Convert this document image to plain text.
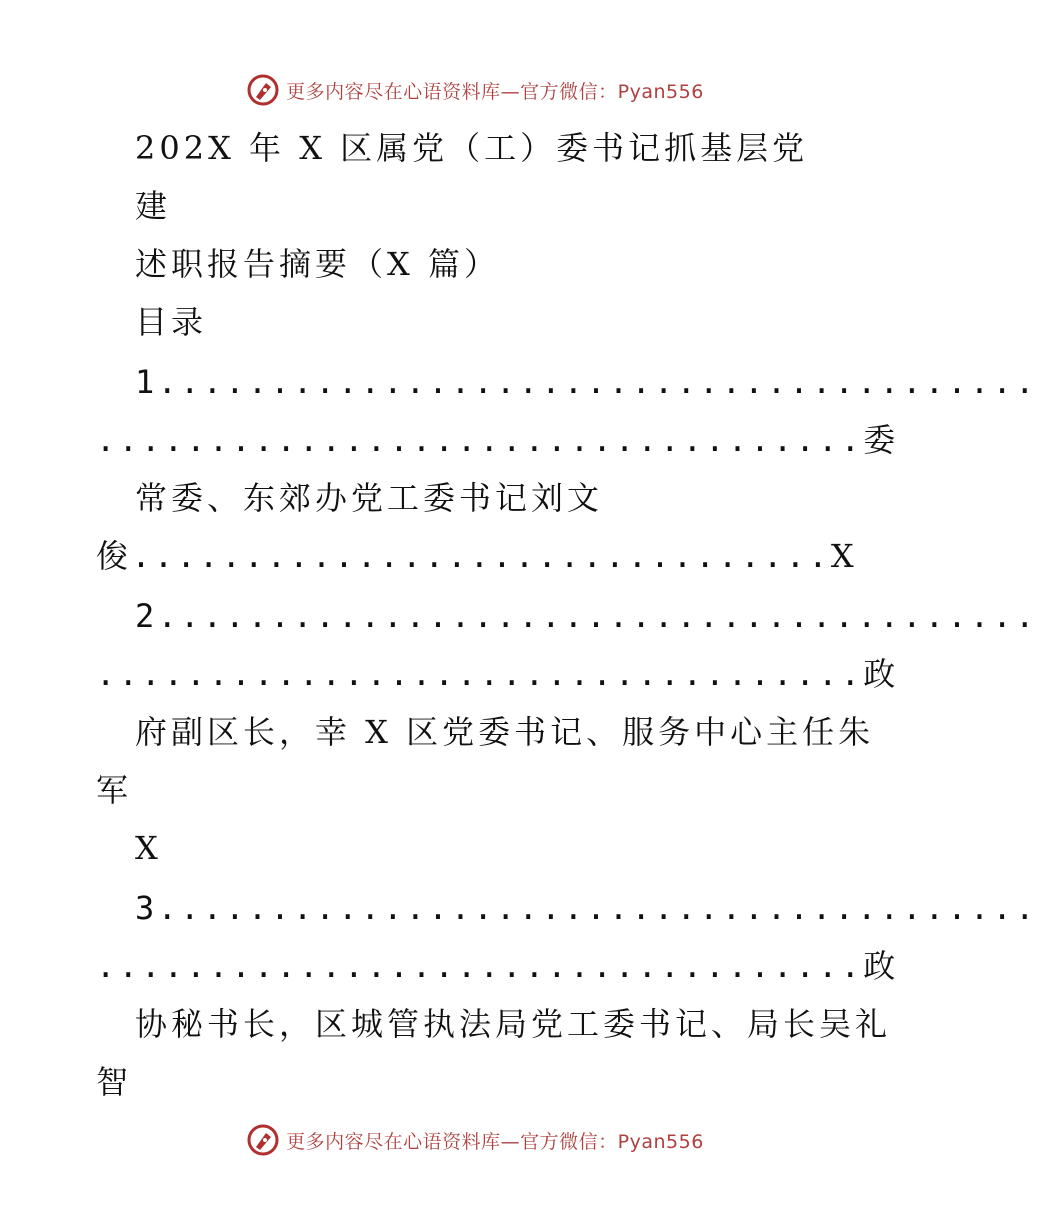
更多内容尽在心语资料库—官方微信：Pyan556
202X 年 X 区属党（工）委书记抓基层党
建
述职报告摘要（X 篇）
目录
1.......................................
..................................委
常委、东郊办党工委书记刘文
俊...............................X
2.......................................
..................................政
府副区长，幸 X 区党委书记、服务中心主任朱
军
X
3.......................................
..................................政
协秘书长，区城管执法局党工委书记、局长吴礼
智
更多内容尽在心语资料库—官方微信：Pyan556
